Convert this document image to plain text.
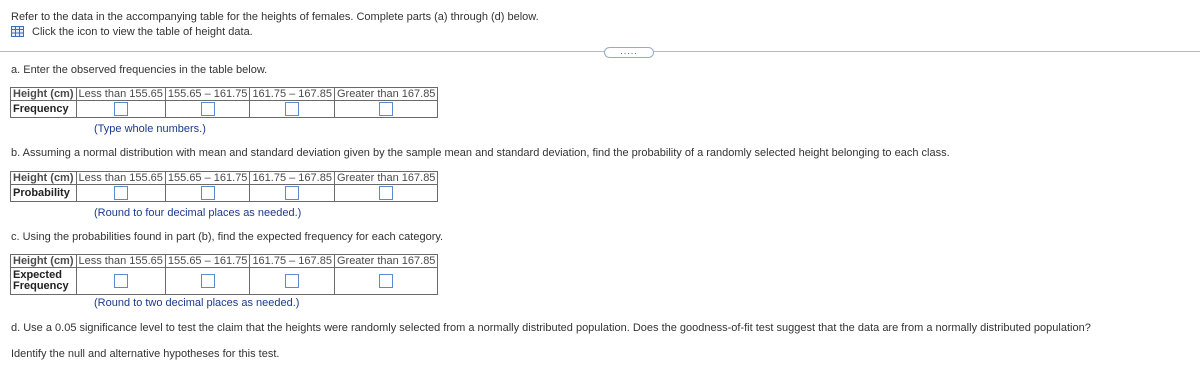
Refer to the data in the accompanying table for the heights of females. Complete parts (a) through (d) below.
Click the icon to view the table of height data.
.....
a. Enter the observed frequencies in the table below.
Height (cm)	Less than 155.65	155.65 – 161.75	161.75 – 167.85	Greater than 167.85
Frequency				
(Type whole numbers.)
b. Assuming a normal distribution with mean and standard deviation given by the sample mean and standard deviation, find the probability of a randomly selected height belonging to each class.
Height (cm)	Less than 155.65	155.65 – 161.75	161.75 – 167.85	Greater than 167.85
Probability				
(Round to four decimal places as needed.)
c. Using the probabilities found in part (b), find the expected frequency for each category.
Height (cm)	Less than 155.65	155.65 – 161.75	161.75 – 167.85	Greater than 167.85
Expected
Frequency				
(Round to two decimal places as needed.)
d. Use a 0.05 significance level to test the claim that the heights were randomly selected from a normally distributed population. Does the goodness-of-fit test suggest that the data are from a normally distributed population?
Identify the null and alternative hypotheses for this test.
